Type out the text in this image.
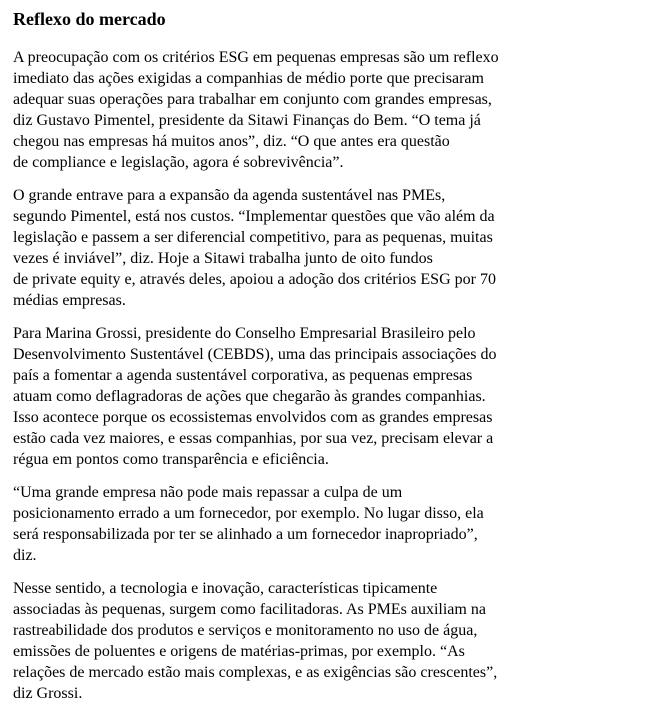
Reflexo do mercado

A preocupação com os critérios ESG em pequenas empresas são um reflexo
imediato das ações exigidas a companhias de médio porte que precisaram
adequar suas operações para trabalhar em conjunto com grandes empresas,
diz Gustavo Pimentel, presidente da Sitawi Finanças do Bem. “O tema já
chegou nas empresas há muitos anos”, diz. “O que antes era questão
de compliance e legislação, agora é sobrevivência”.

O grande entrave para a expansão da agenda sustentável nas PMEs,
segundo Pimentel, está nos custos. “Implementar questões que vão além da
legislação e passem a ser diferencial competitivo, para as pequenas, muitas
vezes é inviável”, diz. Hoje a Sitawi trabalha junto de oito fundos
de private equity e, através deles, apoiou a adoção dos critérios ESG por 70
médias empresas.

Para Marina Grossi, presidente do Conselho Empresarial Brasileiro pelo
Desenvolvimento Sustentável (CEBDS), uma das principais associações do
país a fomentar a agenda sustentável corporativa, as pequenas empresas
atuam como deflagradoras de ações que chegarão às grandes companhias.
Isso acontece porque os ecossistemas envolvidos com as grandes empresas
estão cada vez maiores, e essas companhias, por sua vez, precisam elevar a
régua em pontos como transparência e eficiência.

“Uma grande empresa não pode mais repassar a culpa de um
posicionamento errado a um fornecedor, por exemplo. No lugar disso, ela
será responsabilizada por ter se alinhado a um fornecedor inapropriado”,
diz.

Nesse sentido, a tecnologia e inovação, características tipicamente
associadas às pequenas, surgem como facilitadoras. As PMEs auxiliam na
rastreabilidade dos produtos e serviços e monitoramento no uso de água,
emissões de poluentes e origens de matérias-primas, por exemplo. “As
relações de mercado estão mais complexas, e as exigências são crescentes”,
diz Grossi.
